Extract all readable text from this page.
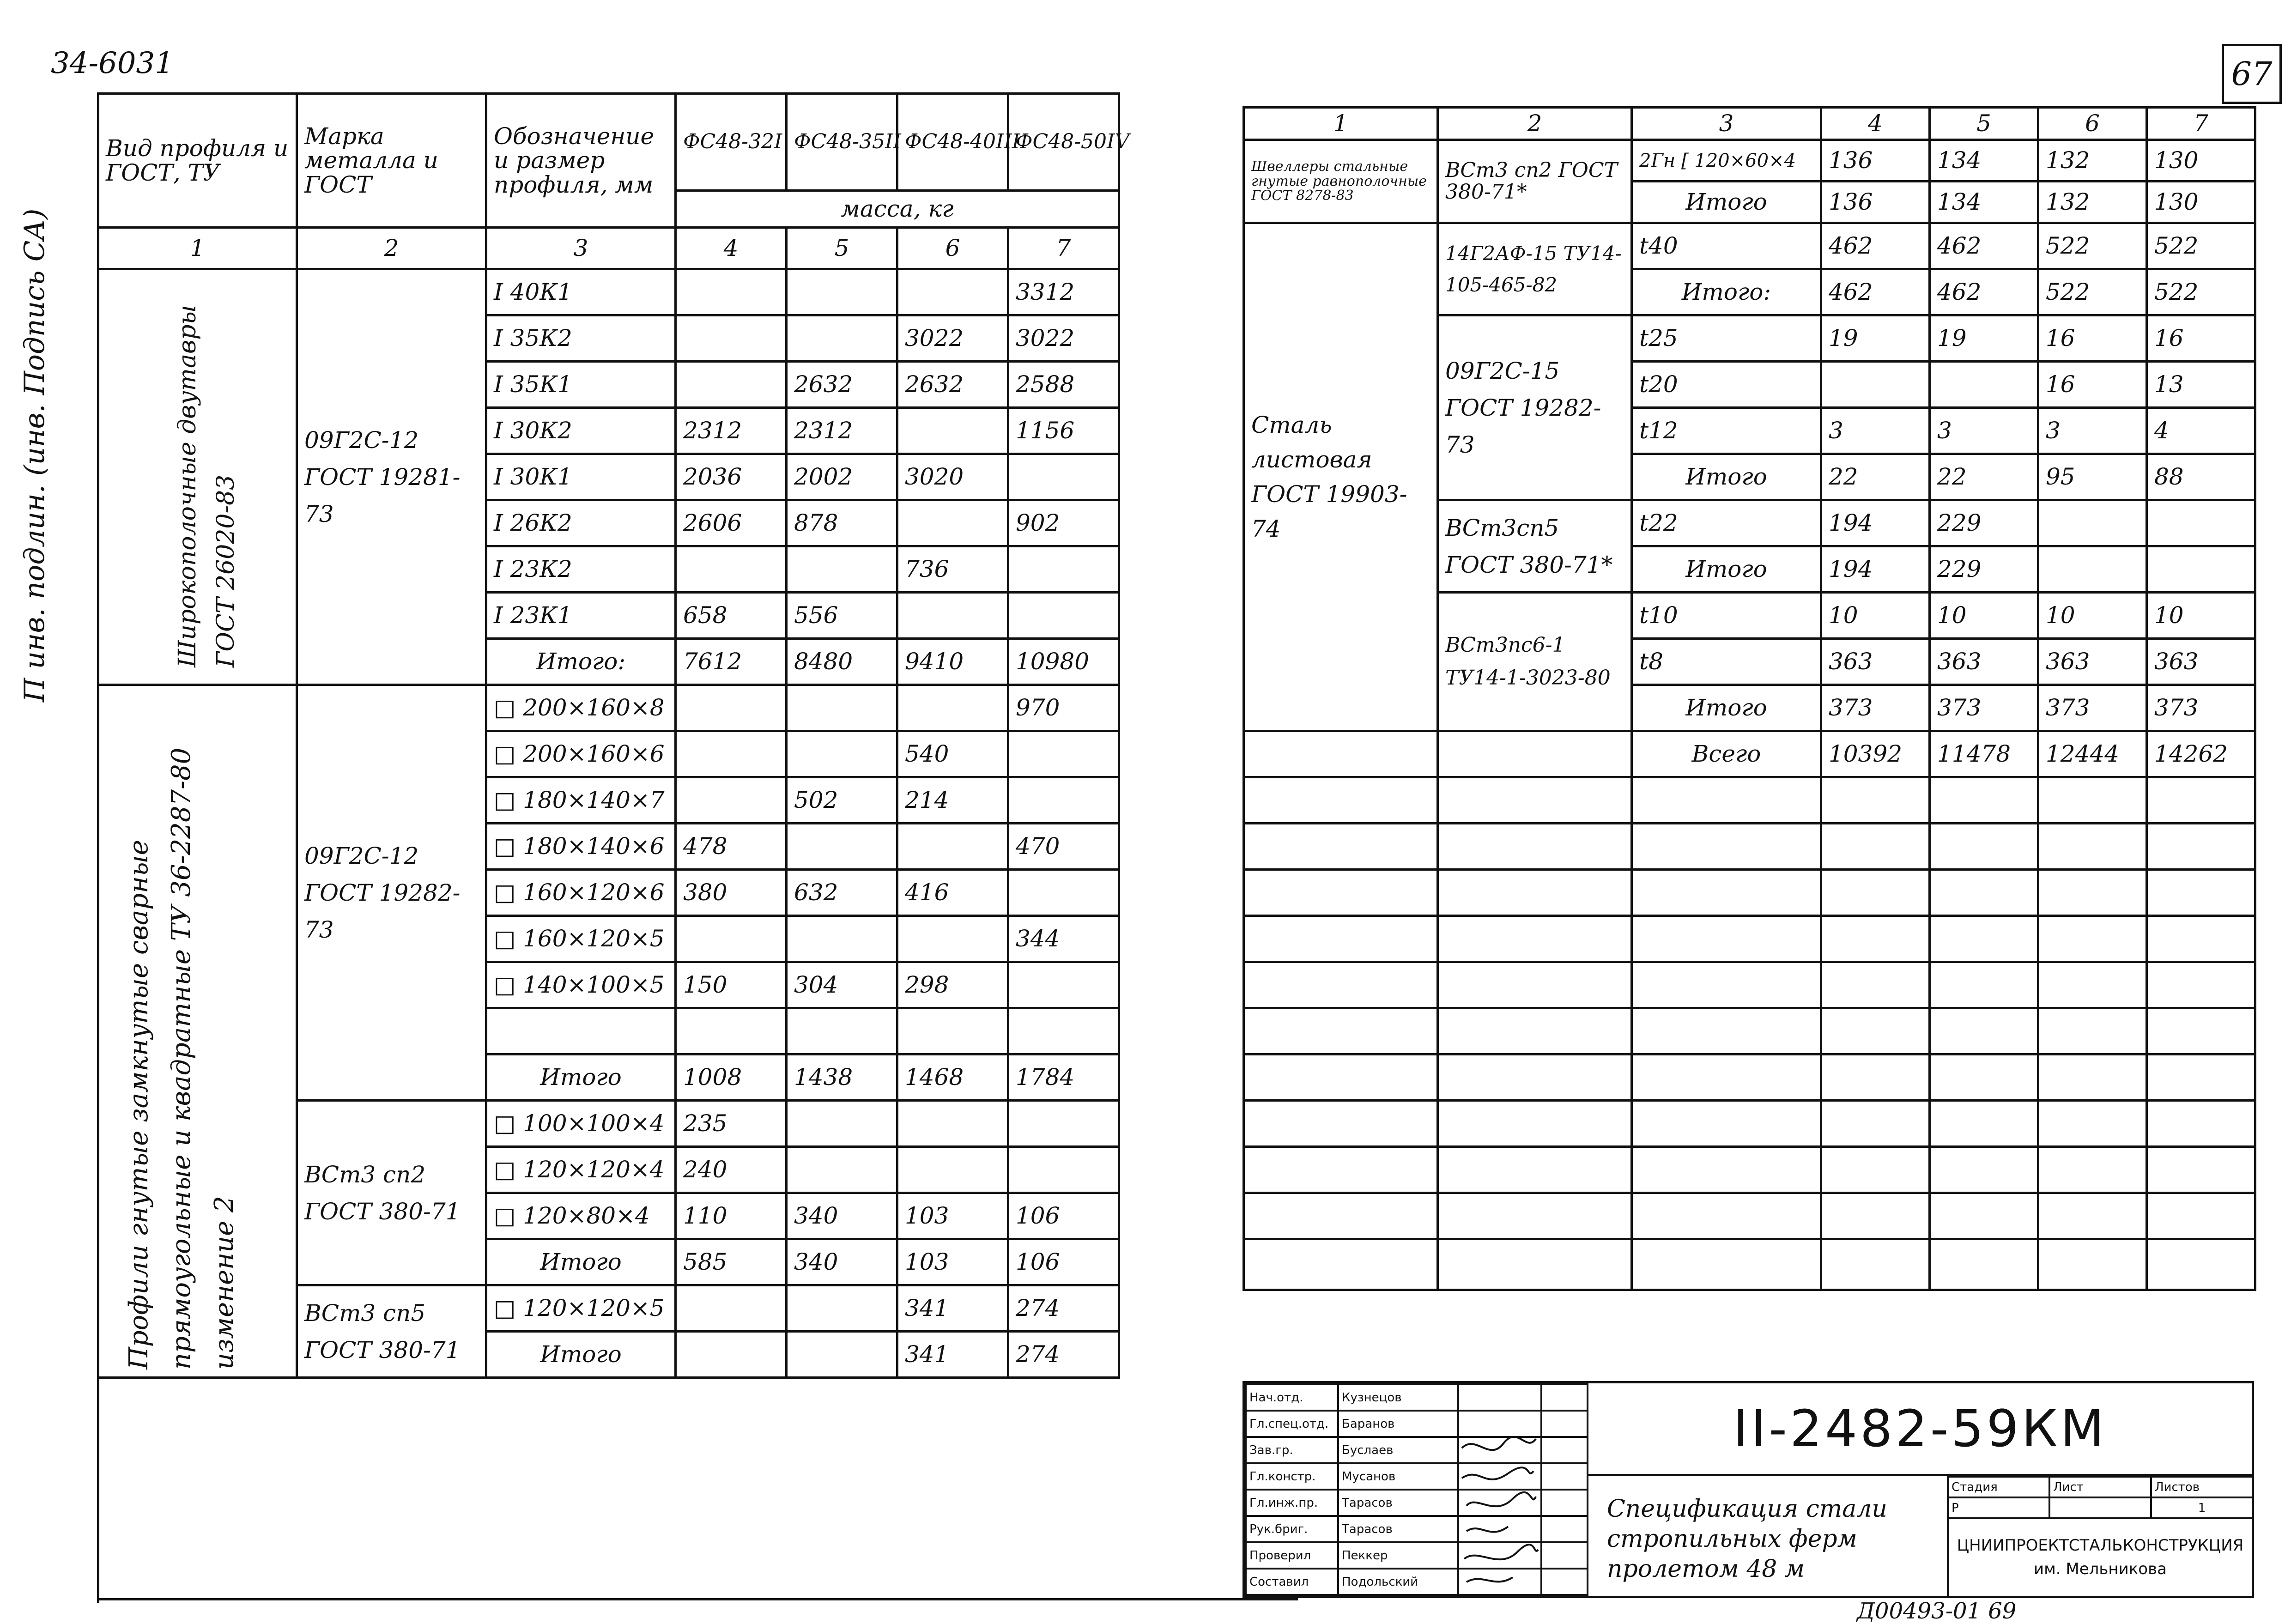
34-6031	67
П инв. подлин. (инв. Подпись СА)
Вид профиля и ГОСТ, ТУ	Марка металла и ГОСТ	Обозначение и размер профиля, мм	ФС48-32I	ФС48-35II	ФС48-40III	ФС48-50IV
			масса, кг			
1	2	3	4	5	6	7

Широкополочные двутавры ГОСТ 26020-83	09Г2С-12 ГОСТ 19281-73	I 40К1				3312
		I 35К2			3022	3022
		I 35К1		2632	2632	2588
		I 30К2	2312	2312		1156
		I 30К1	2036	2002	3020	
		I 26К2	2606	878		902
		I 23К2			736	
		I 23К1	658	556		
		Итого:	7612	8480	9410	10980

Профили гнутые замкнутые сварные прямоугольные и квадратные ТУ 36-2287-80 изменение 2	09Г2С-12 ГОСТ 19282-73	□ 200×160×8				970
		□ 200×160×6			540	
		□ 180×140×7		502	214	
		□ 180×140×6	478			470
		□ 160×120×6	380	632	416	
		□ 160×120×5				344
		□ 140×100×5	150	304	298	

		Итого	1008	1438	1468	1784
	ВСт3 сп2 ГОСТ 380-71	□ 100×100×4	235			
		□ 120×120×4	240			
		□ 120×80×4	110	340	103	106
		Итого	585	340	103	106
	ВСт3 сп5 ГОСТ 380-71	□ 120×120×5			341	274
		Итого			341	274
1	2	3	4	5	6	7
Швеллеры стальные гнутые равнополочные ГОСТ 8278-83	ВСт3 сп2 ГОСТ 380-71*	2Гн [ 120×60×4	136	134	132	130
		Итого	136	134	132	130
Сталь листовая ГОСТ 19903-74	14Г2АФ-15 ТУ14-105-465-82	t40	462	462	522	522
		Итого:	462	462	522	522
	09Г2С-15 ГОСТ 19282-73	t25	19	19	16	16
		t20			16	13
		t12	3	3	3	4
		Итого	22	22	95	88
	ВСт3сп5 ГОСТ 380-71*	t22	194	229		
		Итого	194	229		
	ВСт3пс6-1 ТУ14-1-3023-80	t10	10	10	10	10
		t8	363	363	363	363
		Итого	373	373	373	373
		Всего	10392	11478	12444	14262

Нач.отд.	Кузнецов		
Гл.спец.отд.	Баранов		
Зав.гр.	Буслаев		
Гл.констр.	Мусанов		
Гл.инж.пр.	Тарасов		
Рук.бриг.	Тарасов		
Проверил	Пеккер		
Составил	Подольский		
II-2482-59КМ
Спецификация стали стропильных ферм пролетом 48 м
Стадия	Лист	Листов
Р		1
ЦНИИПРОЕКТСТАЛЬКОНСТРУКЦИЯ им. Мельникова		
Д00493-01 69
